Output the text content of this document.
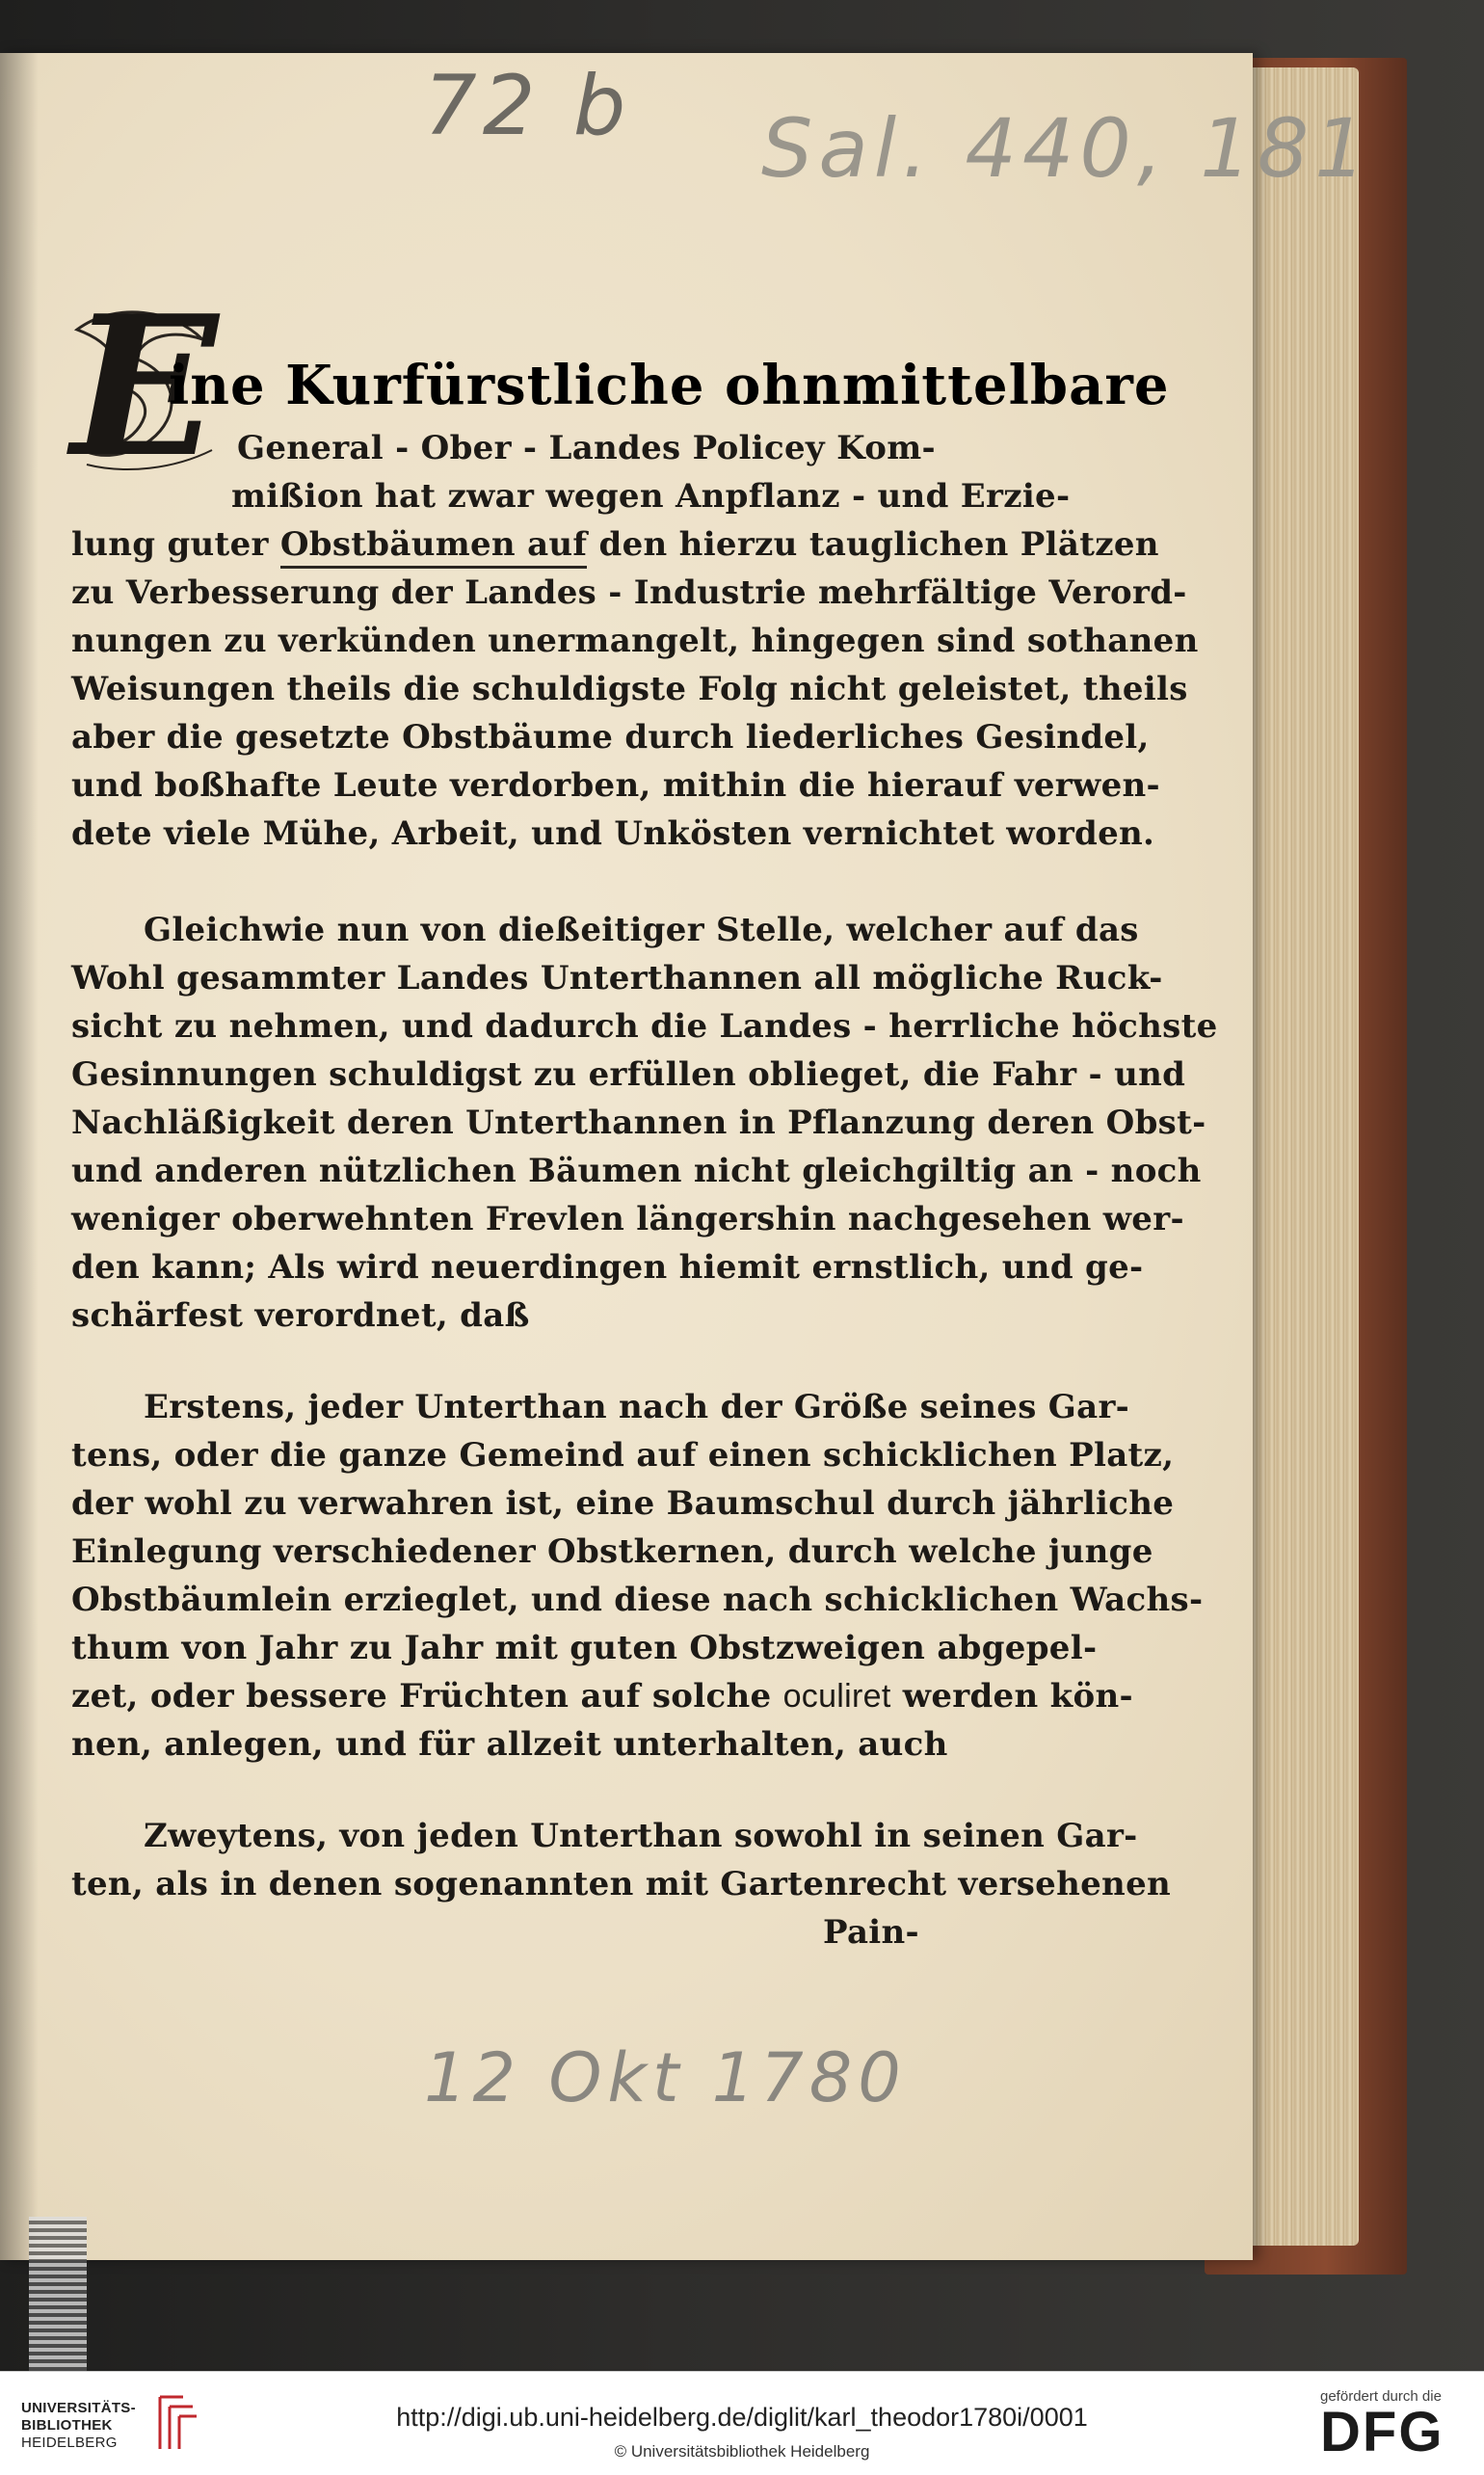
72 b Sal. 440, 181
12 Okt 1780
E
ine Kurfürstliche ohnmittelbare
General - Ober - Landes Policey Kom-
mißion hat zwar wegen Anpflanz - und Erzie-
lung guter Obstbäumen auf den hierzu tauglichen Plätzen
zu Verbesserung der Landes - Industrie mehrfältige Verord-
nungen zu verkünden unermangelt, hingegen sind sothanen
Weisungen theils die schuldigste Folg nicht geleistet, theils
aber die gesetzte Obstbäume durch liederliches Gesindel,
und boßhafte Leute verdorben, mithin die hierauf verwen-
dete viele Mühe, Arbeit, und Unkösten vernichtet worden.
Gleichwie nun von dießeitiger Stelle, welcher auf das
Wohl gesammter Landes Unterthannen all mögliche Ruck-
sicht zu nehmen, und dadurch die Landes - herrliche höchste
Gesinnungen schuldigst zu erfüllen oblieget, die Fahr - und
Nachläßigkeit deren Unterthannen in Pflanzung deren Obst-
und anderen nützlichen Bäumen nicht gleichgiltig an - noch
weniger oberwehnten Frevlen längershin nachgesehen wer-
den kann; Als wird neuerdingen hiemit ernstlich, und ge-
schärfest verordnet, daß
Erstens, jeder Unterthan nach der Größe seines Gar-
tens, oder die ganze Gemeind auf einen schicklichen Platz,
der wohl zu verwahren ist, eine Baumschul durch jährliche
Einlegung verschiedener Obstkernen, durch welche junge
Obstbäumlein erzieglet, und diese nach schicklichen Wachs-
thum von Jahr zu Jahr mit guten Obstzweigen abgepel-
zet, oder bessere Früchten auf solche oculiret werden kön-
nen, anlegen, und für allzeit unterhalten, auch
Zweytens, von jeden Unterthan sowohl in seinen Gar-
ten, als in denen sogenannten mit Gartenrecht versehenen
Pain-
UNIVERSITÄTS-
BIBLIOTHEK
HEIDELBERG
http://digi.ub.uni-heidelberg.de/diglit/karl_theodor1780i/0001
© Universitätsbibliothek Heidelberg
gefördert durch die
DFG
